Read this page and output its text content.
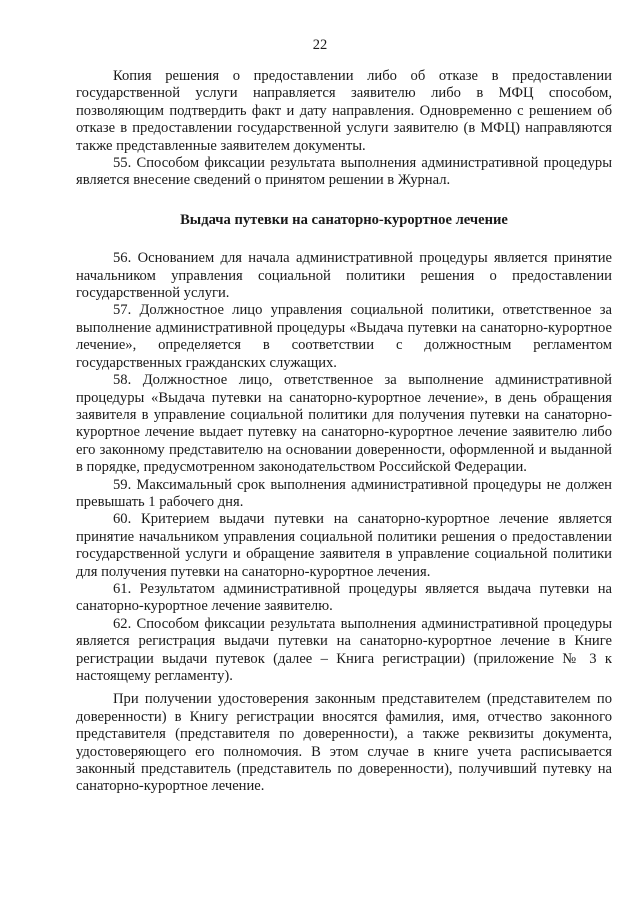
22

Копия решения о предоставлении либо об отказе в предоставлении государственной услуги направляется заявителю либо в МФЦ способом, позволяющим подтвердить факт и дату направления. Одновременно с решением об отказе в предоставлении государственной услуги заявителю (в МФЦ) направляются также представленные заявителем документы.

55. Способом фиксации результата выполнения административной процедуры является внесение сведений о принятом решении в Журнал.

Выдача путевки на санаторно-курортное лечение

56. Основанием для начала административной процедуры является принятие начальником управления социальной политики решения о предоставлении государственной услуги.

57. Должностное лицо управления социальной политики, ответственное за выполнение административной процедуры «Выдача путевки на санаторно-курортное лечение», определяется в соответствии с должностным регламентом государственных гражданских служащих.

58. Должностное лицо, ответственное за выполнение административной процедуры «Выдача путевки на санаторно-курортное лечение», в день обращения заявителя в управление социальной политики для получения путевки на санаторно-курортное лечение выдает путевку на санаторно-курортное лечение заявителю либо его законному представителю на основании доверенности, оформленной и выданной в порядке, предусмотренном законодательством Российской Федерации.

59. Максимальный срок выполнения административной процедуры не должен превышать 1 рабочего дня.

60. Критерием выдачи путевки на санаторно-курортное лечение является принятие начальником управления социальной политики решения о предоставлении государственной услуги и обращение заявителя в управление социальной политики для получения путевки на санаторно-курортное лечения.

61. Результатом административной процедуры является выдача путевки на санаторно-курортное лечение заявителю.

62. Способом фиксации результата выполнения административной процедуры является регистрация выдачи путевки на санаторно-курортное лечение в Книге регистрации выдачи путевок (далее – Книга регистрации) (приложение № 3 к настоящему регламенту).

При получении удостоверения законным представителем (представителем по доверенности) в Книгу регистрации вносятся фамилия, имя, отчество законного представителя (представителя по доверенности), а также реквизиты документа, удостоверяющего его полномочия. В этом случае в книге учета расписывается законный представитель (представитель по доверенности), получивший путевку на санаторно-курортное лечение.
